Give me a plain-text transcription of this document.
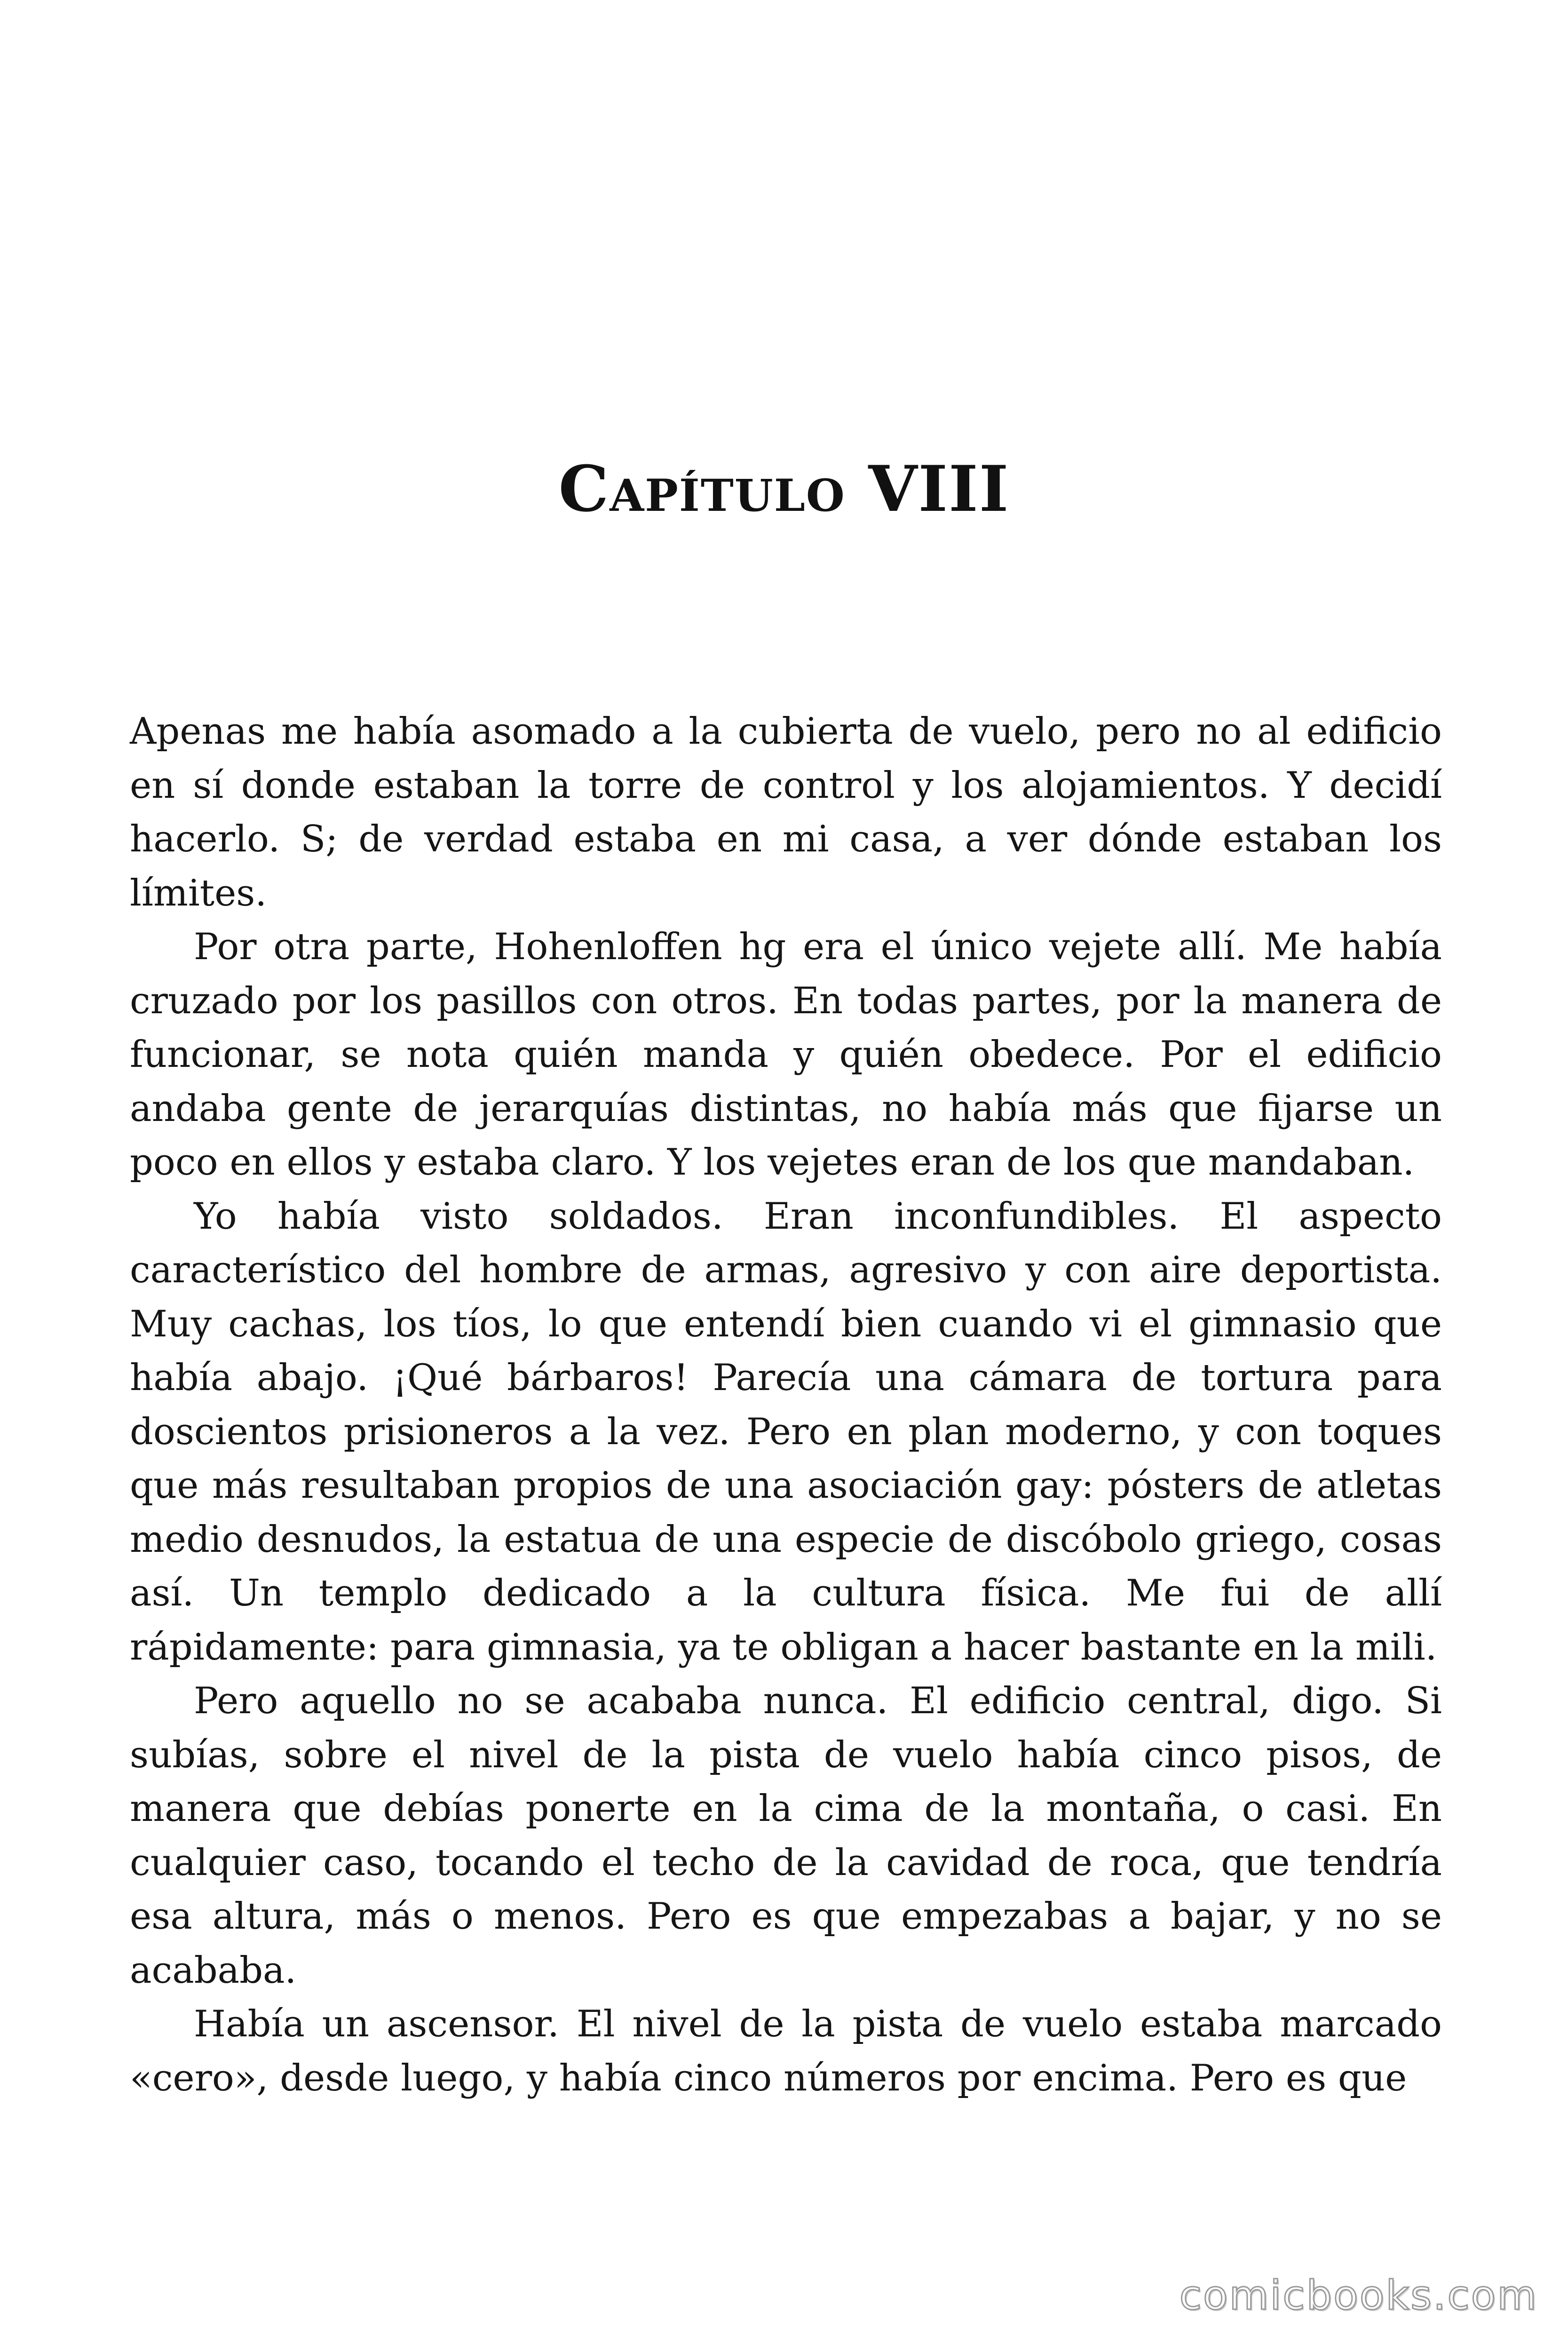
Capítulo VIII

Apenas me había asomado a la cubierta de vuelo, pero no al edificio en sí donde estaban la torre de control y los alojamientos. Y decidí hacerlo. S; de verdad estaba en mi casa, a ver dónde estaban los límites.

Por otra parte, Hohenloffen hg era el único vejete allí. Me había cruzado por los pasillos con otros. En todas partes, por la manera de funcionar, se nota quién manda y quién obedece. Por el edificio andaba gente de jerarquías distintas, no había más que fijarse un poco en ellos y estaba claro. Y los vejetes eran de los que mandaban.

Yo había visto soldados. Eran inconfundibles. El aspecto característico del hombre de armas, agresivo y con aire deportista. Muy cachas, los tíos, lo que entendí bien cuando vi el gimnasio que había abajo. ¡Qué bárbaros! Parecía una cámara de tortura para doscientos prisioneros a la vez. Pero en plan moderno, y con toques que más resultaban propios de una asociación gay: pósters de atletas medio desnudos, la estatua de una especie de discóbolo griego, cosas así. Un templo dedicado a la cultura física. Me fui de allí rápidamente: para gimnasia, ya te obligan a hacer bastante en la mili.

Pero aquello no se acababa nunca. El edificio central, digo. Si subías, sobre el nivel de la pista de vuelo había cinco pisos, de manera que debías ponerte en la cima de la montaña, o casi. En cualquier caso, tocando el techo de la cavidad de roca, que tendría esa altura, más o menos. Pero es que empezabas a bajar, y no se acababa.

Había un ascensor. El nivel de la pista de vuelo estaba marcado «cero», desde luego, y había cinco números por encima. Pero es que

comicbooks.com
